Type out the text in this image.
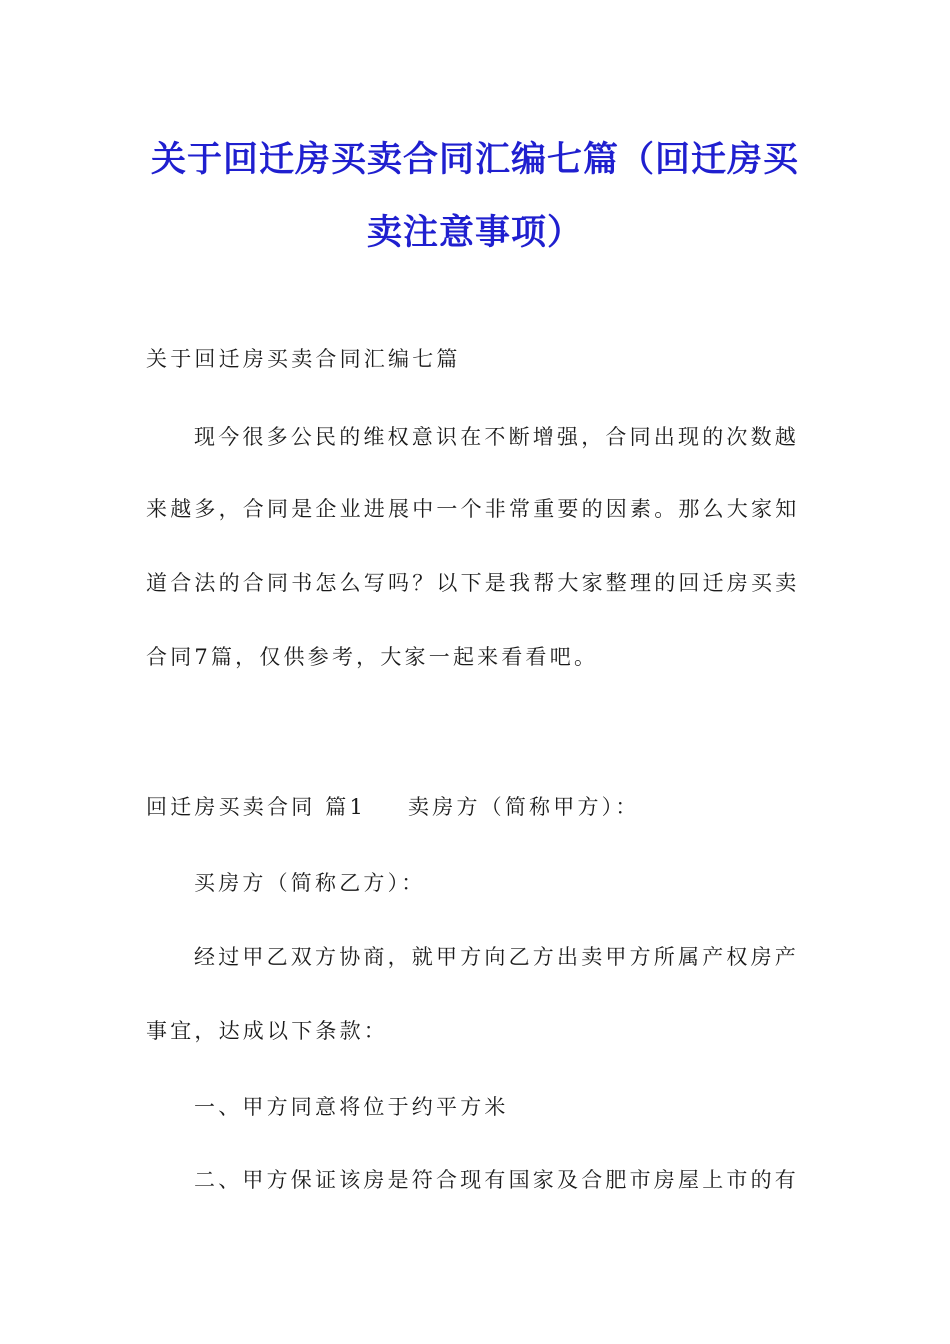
关于回迁房买卖合同汇编七篇（回迁房买
卖注意事项）
关于回迁房买卖合同汇编七篇
现今很多公民的维权意识在不断增强，合同出现的次数越
来越多，合同是企业进展中一个非常重要的因素。那么大家知
道合法的合同书怎么写吗？以下是我帮大家整理的回迁房买卖
合同7篇，仅供参考，大家一起来看看吧。
回迁房买卖合同 篇1 卖房方（简称甲方）：
买房方（简称乙方）：
经过甲乙双方协商，就甲方向乙方出卖甲方所属产权房产
事宜，达成以下条款：
一、甲方同意将位于约平方米
二、甲方保证该房是符合现有国家及合肥市房屋上市的有
